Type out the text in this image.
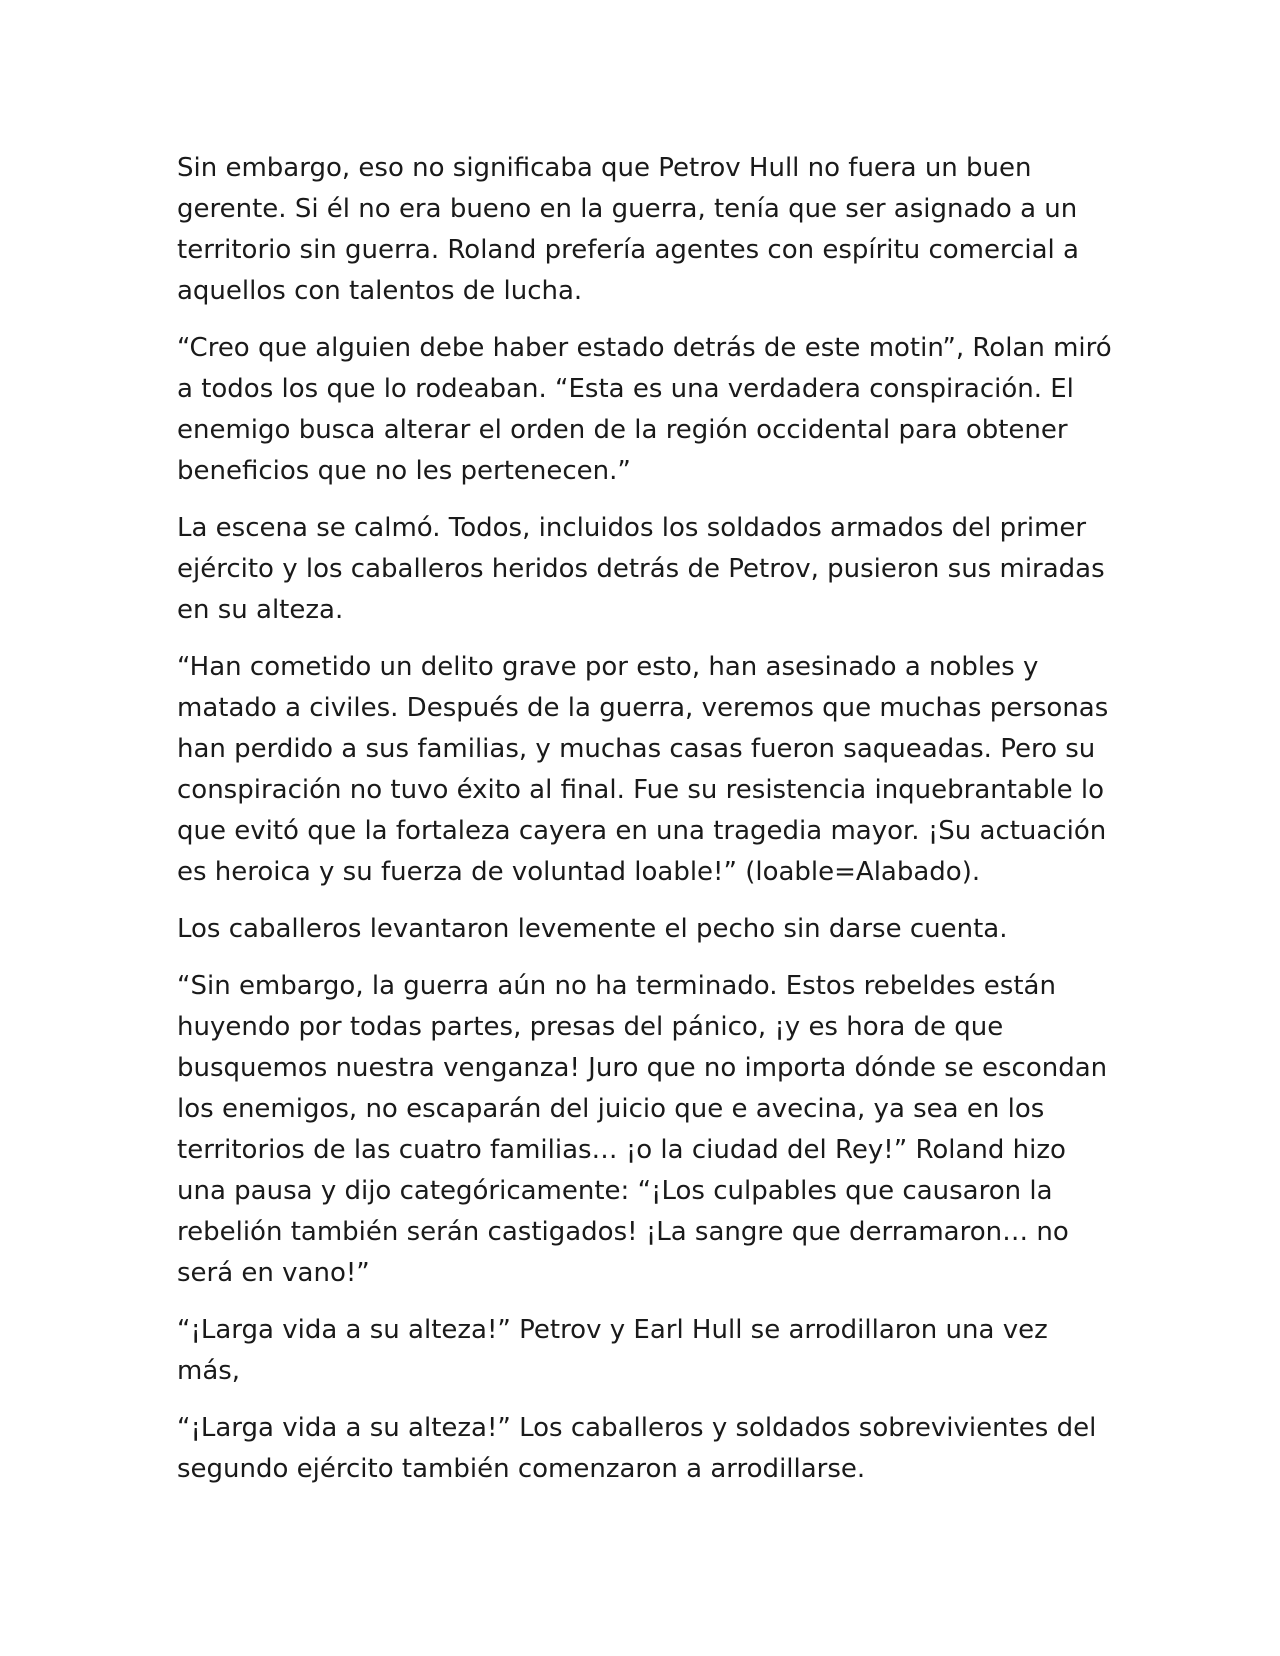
Sin embargo, eso no significaba que Petrov Hull no fuera un buen gerente. Si él no era bueno en la guerra, tenía que ser asignado a un territorio sin guerra. Roland prefería agentes con espíritu comercial a aquellos con talentos de lucha.

“Creo que alguien debe haber estado detrás de este motin”, Rolan miró a todos los que lo rodeaban. “Esta es una verdadera conspiración. El enemigo busca alterar el orden de la región occidental para obtener beneficios que no les pertenecen.”

La escena se calmó. Todos, incluidos los soldados armados del primer ejército y los caballeros heridos detrás de Petrov, pusieron sus miradas en su alteza.

“Han cometido un delito grave por esto, han asesinado a nobles y matado a civiles. Después de la guerra, veremos que muchas personas han perdido a sus familias, y muchas casas fueron saqueadas. Pero su conspiración no tuvo éxito al final. Fue su resistencia inquebrantable lo que evitó que la fortaleza cayera en una tragedia mayor. ¡Su actuación es heroica y su fuerza de voluntad loable!” (loable=Alabado).

Los caballeros levantaron levemente el pecho sin darse cuenta.

“Sin embargo, la guerra aún no ha terminado. Estos rebeldes están huyendo por todas partes, presas del pánico, ¡y es hora de que busquemos nuestra venganza! Juro que no importa dónde se escondan los enemigos, no escaparán del juicio que e avecina, ya sea en los territorios de las cuatro familias… ¡o la ciudad del Rey!” Roland hizo una pausa y dijo categóricamente: “¡Los culpables que causaron la rebelión también serán castigados! ¡La sangre que derramaron… no será en vano!”

“¡Larga vida a su alteza!” Petrov y Earl Hull se arrodillaron una vez más,

“¡Larga vida a su alteza!” Los caballeros y soldados sobrevivientes del segundo ejército también comenzaron a arrodillarse.
